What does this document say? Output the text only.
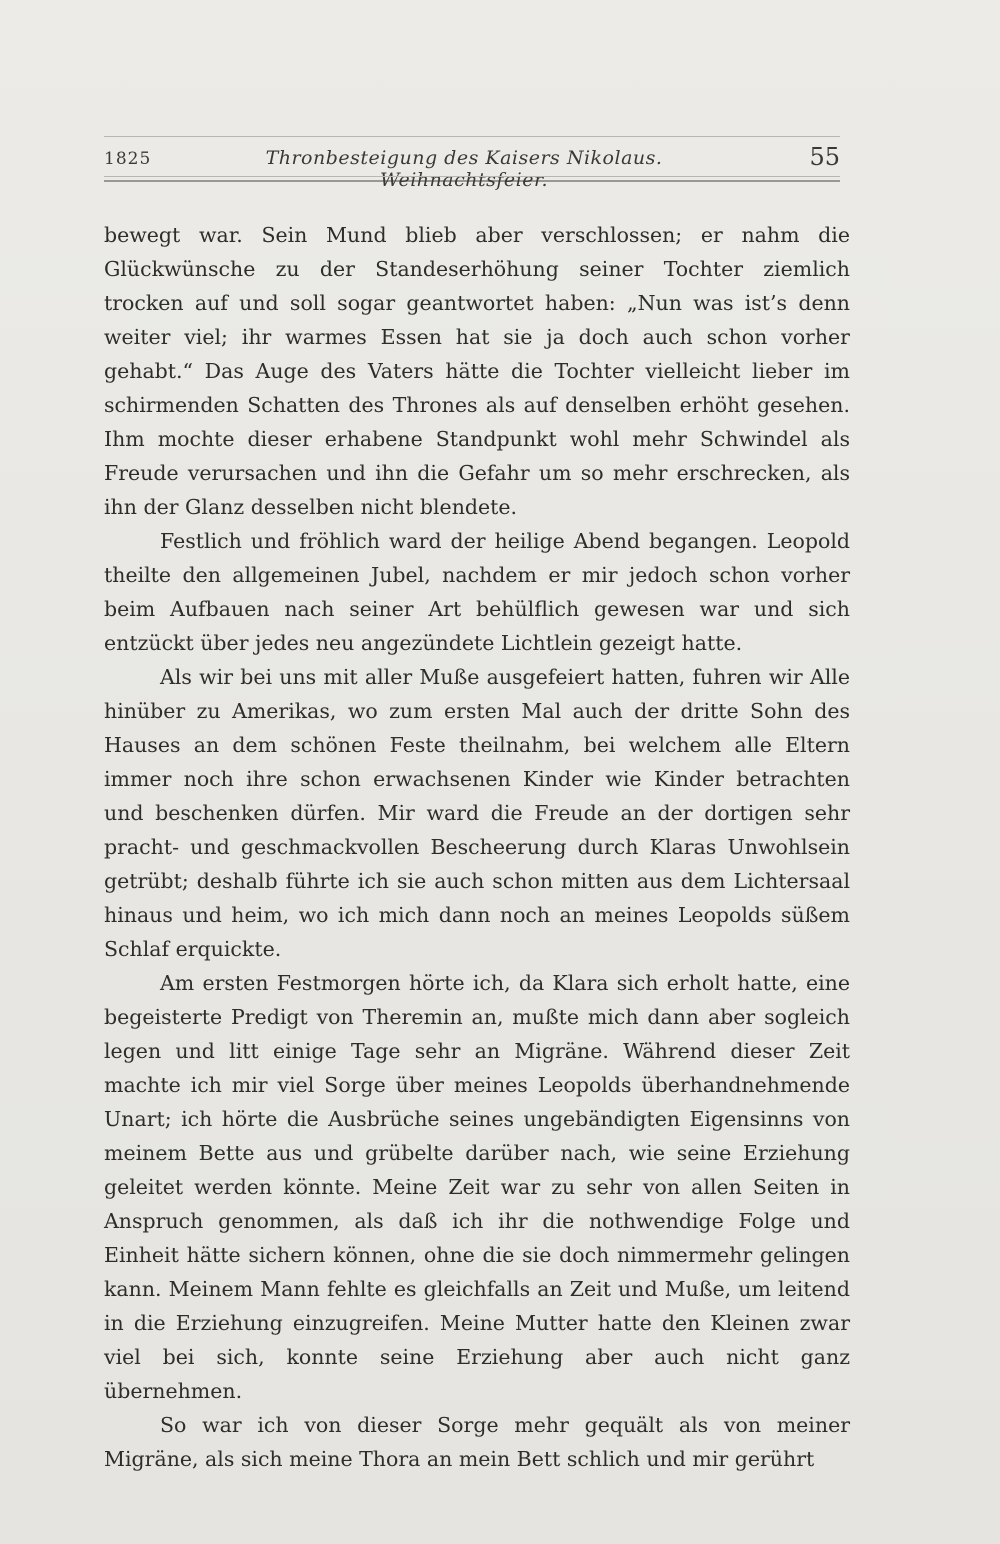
1825	Thronbesteigung des Kaisers Nikolaus. Weihnachtsfeier.
55

bewegt war. Sein Mund blieb aber verschlossen; er nahm die Glückwünsche zu der Standeserhöhung seiner Tochter ziemlich trocken auf und soll sogar geantwortet haben: „Nun was ist’s denn weiter viel; ihr warmes Essen hat sie ja doch auch schon vorher gehabt.“ Das Auge des Vaters hätte die Tochter vielleicht lieber im schirmenden Schatten des Thrones als auf denselben erhöht gesehen. Ihm mochte dieser erhabene Standpunkt wohl mehr Schwindel als Freude verursachen und ihn die Gefahr um so mehr erschrecken, als ihn der Glanz desselben nicht blendete.

Festlich und fröhlich ward der heilige Abend begangen. Leopold theilte den allgemeinen Jubel, nachdem er mir jedoch schon vorher beim Aufbauen nach seiner Art behülflich gewesen war und sich entzückt über jedes neu angezündete Lichtlein gezeigt hatte.

Als wir bei uns mit aller Muße ausgefeiert hatten, fuhren wir Alle hinüber zu Amerikas, wo zum ersten Mal auch der dritte Sohn des Hauses an dem schönen Feste theilnahm, bei welchem alle Eltern immer noch ihre schon erwachsenen Kinder wie Kinder betrachten und beschenken dürfen. Mir ward die Freude an der dortigen sehr pracht- und geschmackvollen Bescheerung durch Klaras Unwohlsein getrübt; deshalb führte ich sie auch schon mitten aus dem Lichtersaal hinaus und heim, wo ich mich dann noch an meines Leopolds süßem Schlaf erquickte.

Am ersten Festmorgen hörte ich, da Klara sich erholt hatte, eine begeisterte Predigt von Theremin an, mußte mich dann aber sogleich legen und litt einige Tage sehr an Migräne. Während dieser Zeit machte ich mir viel Sorge über meines Leopolds überhandnehmende Unart; ich hörte die Ausbrüche seines ungebändigten Eigensinns von meinem Bette aus und grübelte darüber nach, wie seine Erziehung geleitet werden könnte. Meine Zeit war zu sehr von allen Seiten in Anspruch genommen, als daß ich ihr die nothwendige Folge und Einheit hätte sichern können, ohne die sie doch nimmermehr gelingen kann. Meinem Mann fehlte es gleichfalls an Zeit und Muße, um leitend in die Erziehung einzugreifen. Meine Mutter hatte den Kleinen zwar viel bei sich, konnte seine Erziehung aber auch nicht ganz übernehmen.

So war ich von dieser Sorge mehr gequält als von meiner Migräne, als sich meine Thora an mein Bett schlich und mir gerührt
